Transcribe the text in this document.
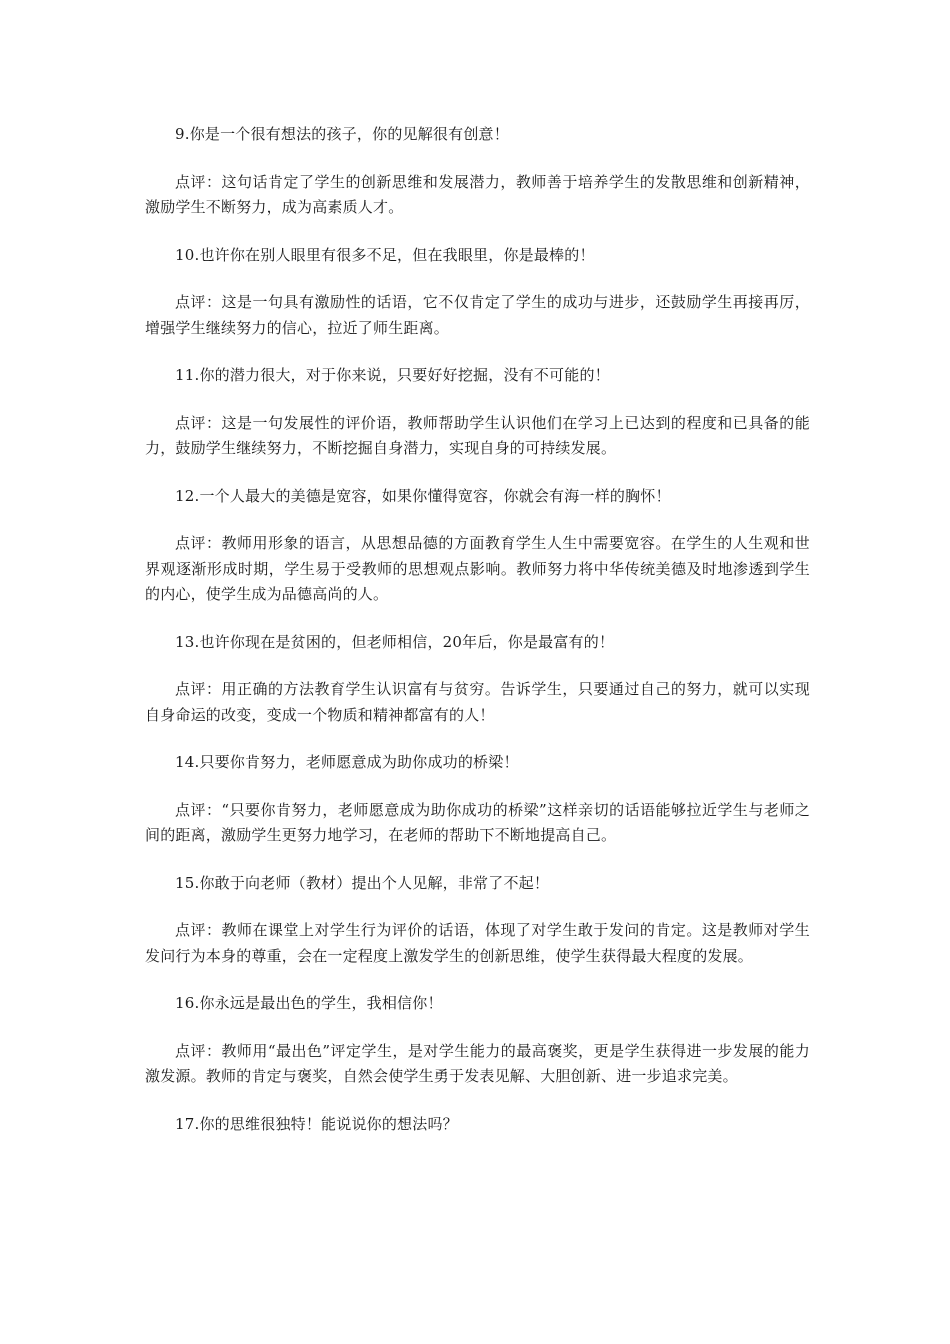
9.你是一个很有想法的孩子，你的见解很有创意！

点评：这句话肯定了学生的创新思维和发展潜力，教师善于培养学生的发散思维和创新精神，激励学生不断努力，成为高素质人才。

10.也许你在别人眼里有很多不足，但在我眼里，你是最棒的！

点评：这是一句具有激励性的话语，它不仅肯定了学生的成功与进步，还鼓励学生再接再厉，增强学生继续努力的信心，拉近了师生距离。

11.你的潜力很大，对于你来说，只要好好挖掘，没有不可能的！

点评：这是一句发展性的评价语，教师帮助学生认识他们在学习上已达到的程度和已具备的能力，鼓励学生继续努力，不断挖掘自身潜力，实现自身的可持续发展。

12.一个人最大的美德是宽容，如果你懂得宽容，你就会有海一样的胸怀！

点评：教师用形象的语言，从思想品德的方面教育学生人生中需要宽容。在学生的人生观和世界观逐渐形成时期，学生易于受教师的思想观点影响。教师努力将中华传统美德及时地渗透到学生的内心，使学生成为品德高尚的人。

13.也许你现在是贫困的，但老师相信，20年后，你是最富有的！

点评：用正确的方法教育学生认识富有与贫穷。告诉学生，只要通过自己的努力，就可以实现自身命运的改变，变成一个物质和精神都富有的人！

14.只要你肯努力，老师愿意成为助你成功的桥梁！

点评：“只要你肯努力，老师愿意成为助你成功的桥梁”这样亲切的话语能够拉近学生与老师之间的距离，激励学生更努力地学习，在老师的帮助下不断地提高自己。

15.你敢于向老师（教材）提出个人见解，非常了不起！

点评：教师在课堂上对学生行为评价的话语，体现了对学生敢于发问的肯定。这是教师对学生发问行为本身的尊重，会在一定程度上激发学生的创新思维，使学生获得最大程度的发展。

16.你永远是最出色的学生，我相信你！

点评：教师用“最出色”评定学生，是对学生能力的最高褒奖，更是学生获得进一步发展的能力激发源。教师的肯定与褒奖，自然会使学生勇于发表见解、大胆创新、进一步追求完美。

17.你的思维很独特！能说说你的想法吗？
